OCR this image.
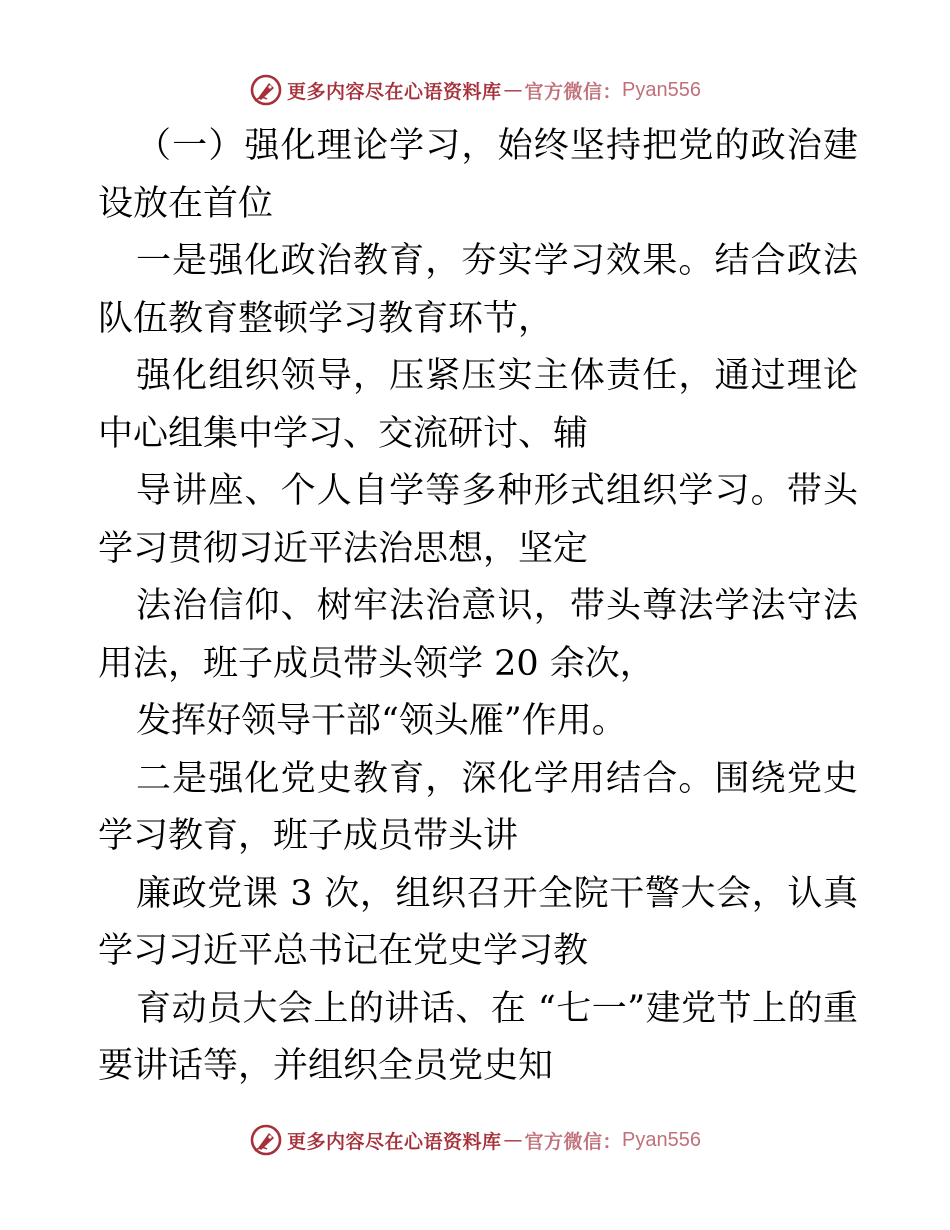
更多内容尽在心语资料库 — 官方微信： Pyan556

（一）强化理论学习，始终坚持把党的政治建设放在首位

一是强化政治教育，夯实学习效果。结合政法队伍教育整顿学习教育环节，

强化组织领导，压紧压实主体责任，通过理论中心组集中学习、交流研讨、辅

导讲座、个人自学等多种形式组织学习。带头学习贯彻习近平法治思想，坚定

法治信仰、树牢法治意识，带头尊法学法守法用法，班子成员带头领学 20 余次，

发挥好领导干部“领头雁”作用。

二是强化党史教育，深化学用结合。围绕党史学习教育，班子成员带头讲

廉政党课 3 次，组织召开全院干警大会，认真学习习近平总书记在党史学习教

育动员大会上的讲话、在 “七一”建党节上的重要讲话等，并组织全员党史知

更多内容尽在心语资料库 — 官方微信： Pyan556
